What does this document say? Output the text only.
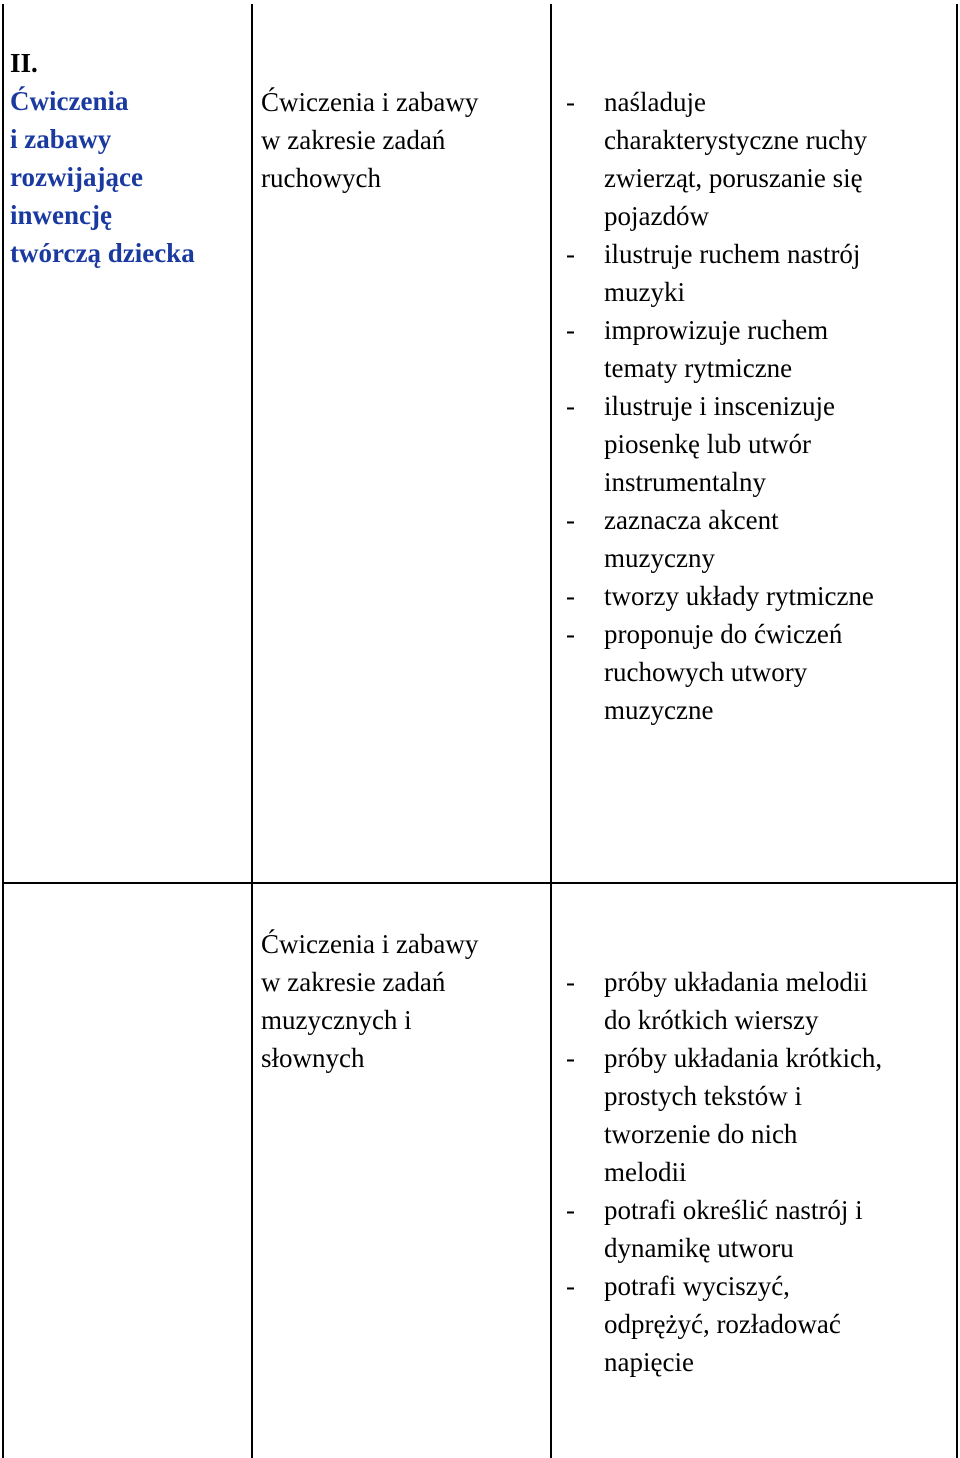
II.
Ćwiczenia
i zabawy
rozwijające
inwencję
twórczą dziecka
Ćwiczenia i zabawy
w zakresie zadań
ruchowych
- naśladuje
charakterystyczne ruchy
zwierząt, poruszanie się
pojazdów
- ilustruje ruchem nastrój
muzyki
- improwizuje ruchem
tematy rytmiczne
- ilustruje i inscenizuje
piosenkę lub utwór
instrumentalny
- zaznacza akcent
muzyczny
- tworzy układy rytmiczne
- proponuje do ćwiczeń
ruchowych utwory
muzyczne
Ćwiczenia i zabawy
w zakresie zadań
muzycznych i
słownych
- próby układania melodii
do krótkich wierszy
- próby układania krótkich,
prostych tekstów i
tworzenie do nich
melodii
- potrafi określić nastrój i
dynamikę utworu
- potrafi wyciszyć,
odprężyć, rozładować
napięcie
